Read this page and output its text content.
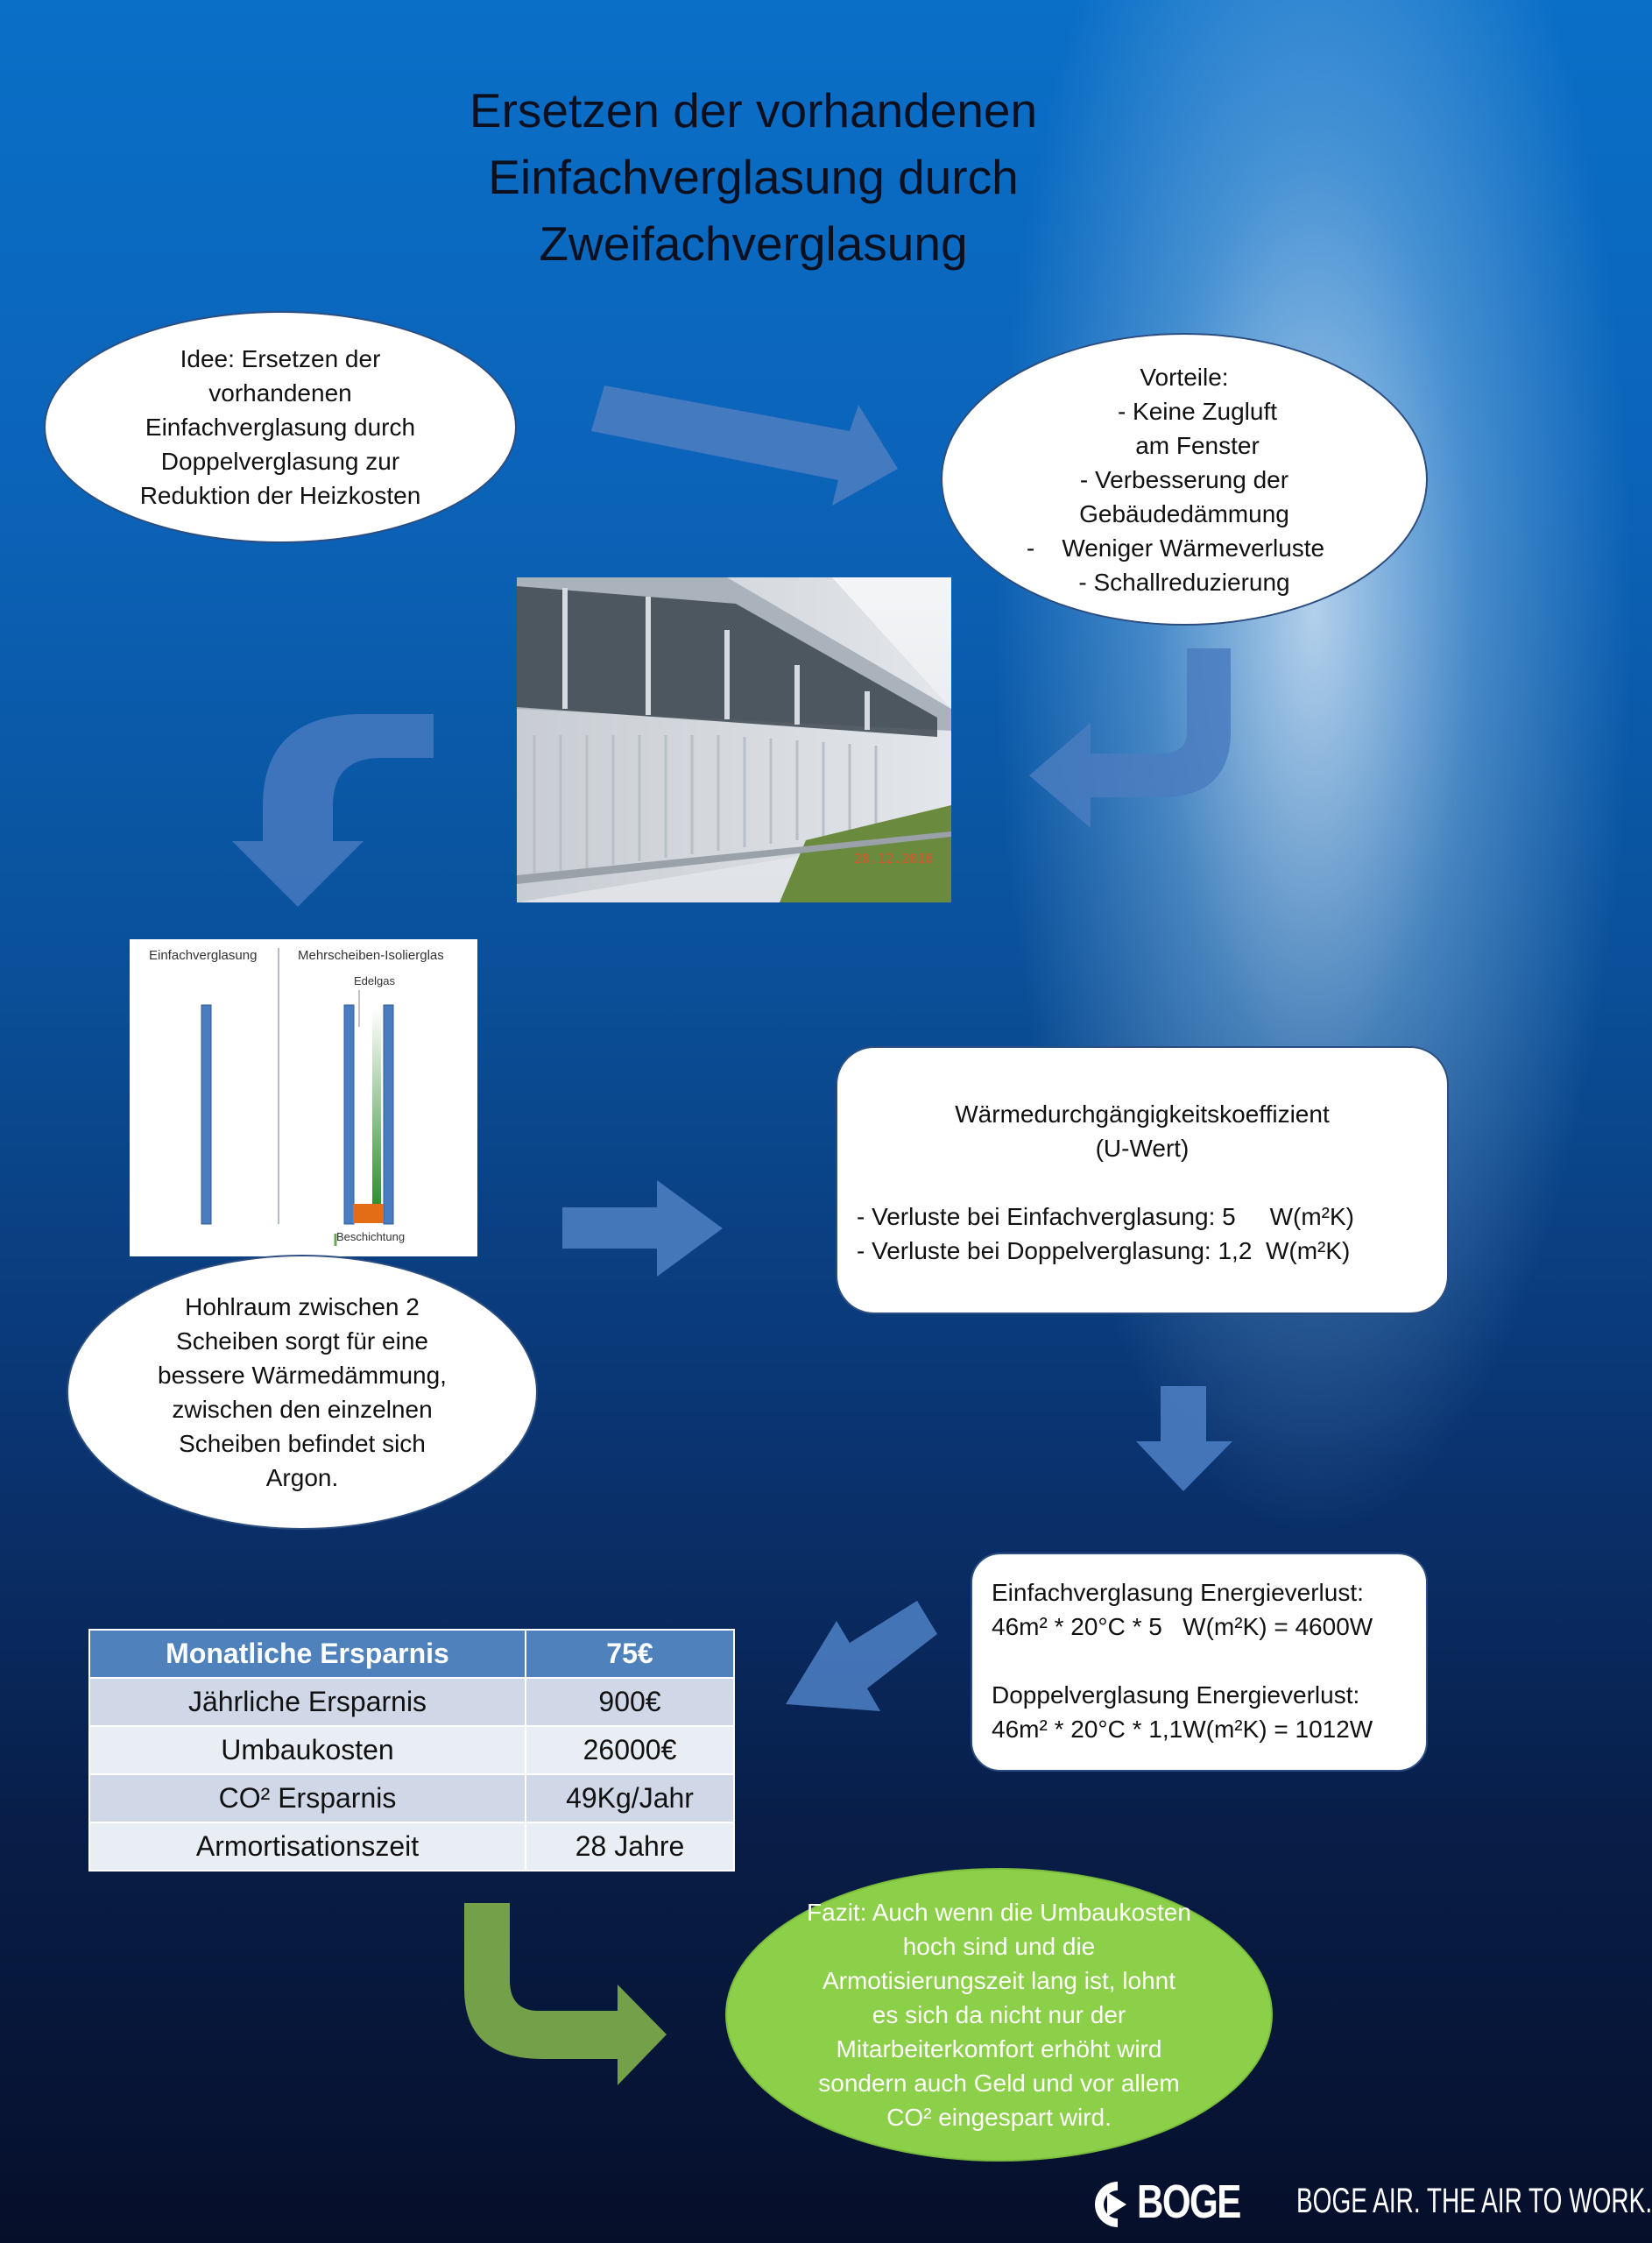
Ersetzen der vorhandenen
Einfachverglasung durch
Zweifachverglasung
Idee: Ersetzen der vorhandenen Einfachverglasung durch Doppelverglasung zur Reduktion der Heizkosten
Vorteile:
- Keine Zugluft am Fenster
- Verbesserung der Gebäudedämmung
-    Weniger Wärmeverluste
- Schallreduzierung
20.12.2018
Einfachverglasung	Mehrscheiben-Isolierglas
Edelgas
Beschichtung
Wärmedurchgängigkeitskoeffizient
(U-Wert)
- Verluste bei Einfachverglasung: 5     W(m²K)
- Verluste bei Doppelverglasung: 1,2  W(m²K)
Hohlraum zwischen 2 Scheiben sorgt für eine bessere Wärmedämmung, zwischen den einzelnen Scheiben befindet sich Argon.
Einfachverglasung Energieverlust:
46m² * 20°C * 5   W(m²K) = 4600W
Doppelverglasung Energieverlust:
46m² * 20°C * 1,1W(m²K) = 1012W
Monatliche Ersparnis	75€
Jährliche Ersparnis	900€
Umbaukosten	26000€
CO² Ersparnis	49Kg/Jahr
Armortisationszeit	28 Jahre
Fazit: Auch wenn die Umbaukosten hoch sind und die Armotisierungszeit lang ist, lohnt es sich da nicht nur der Mitarbeiterkomfort erhöht wird sondern auch Geld und vor allem CO² eingespart wird.
BOGE BOGE AIR. THE AIR TO WORK.
